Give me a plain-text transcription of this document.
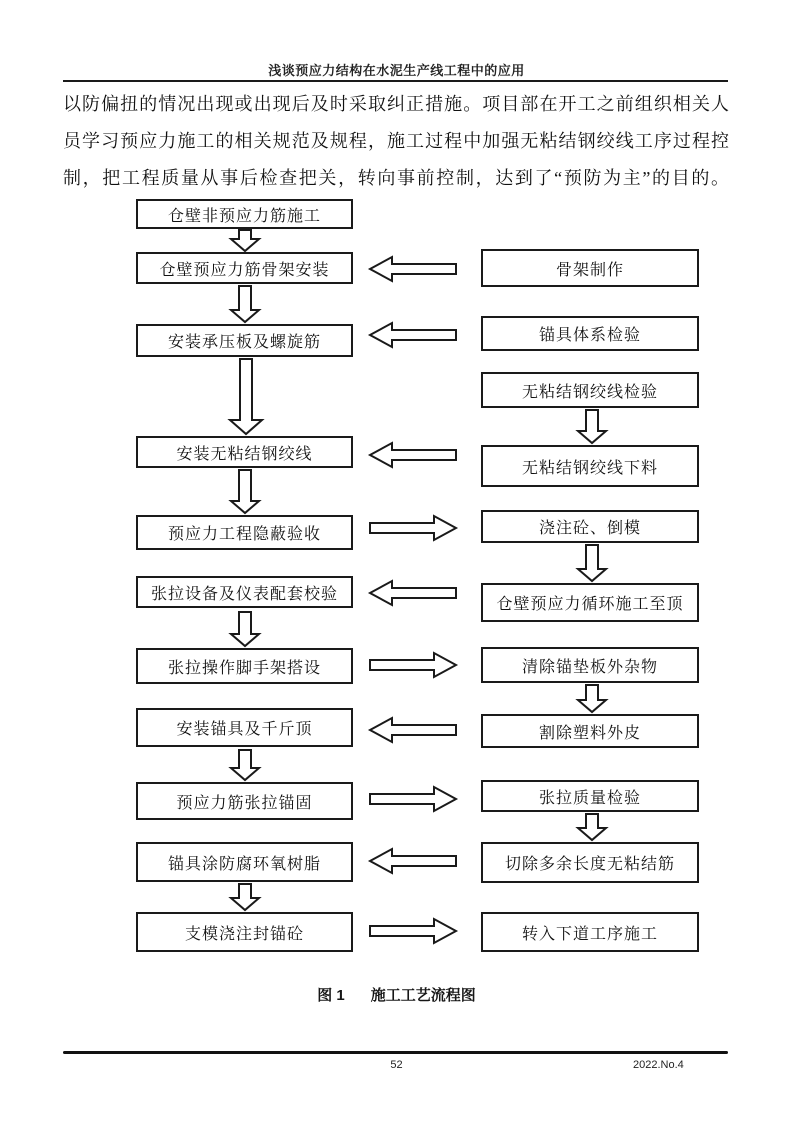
浅谈预应力结构在水泥生产线工程中的应用
以防偏扭的情况出现或出现后及时采取纠正措施。项目部在开工之前组织相关人
员学习预应力施工的相关规范及规程，施工过程中加强无粘结钢绞线工序过程控
制，把工程质量从事后检查把关，转向事前控制，达到了“预防为主”的目的。
仓壁非预应力筋施工
仓壁预应力筋骨架安装
安装承压板及螺旋筋
安装无粘结钢绞线
预应力工程隐蔽验收
张拉设备及仪表配套校验
张拉操作脚手架搭设
安装锚具及千斤顶
预应力筋张拉锚固
锚具涂防腐环氧树脂
支模浇注封锚砼
骨架制作
锚具体系检验
无粘结钢绞线检验
无粘结钢绞线下料
浇注砼、倒模
仓壁预应力循环施工至顶
清除锚垫板外杂物
割除塑料外皮
张拉质量检验
切除多余长度无粘结筋
转入下道工序施工
图 1 施工工艺流程图
52	2022.No.4
